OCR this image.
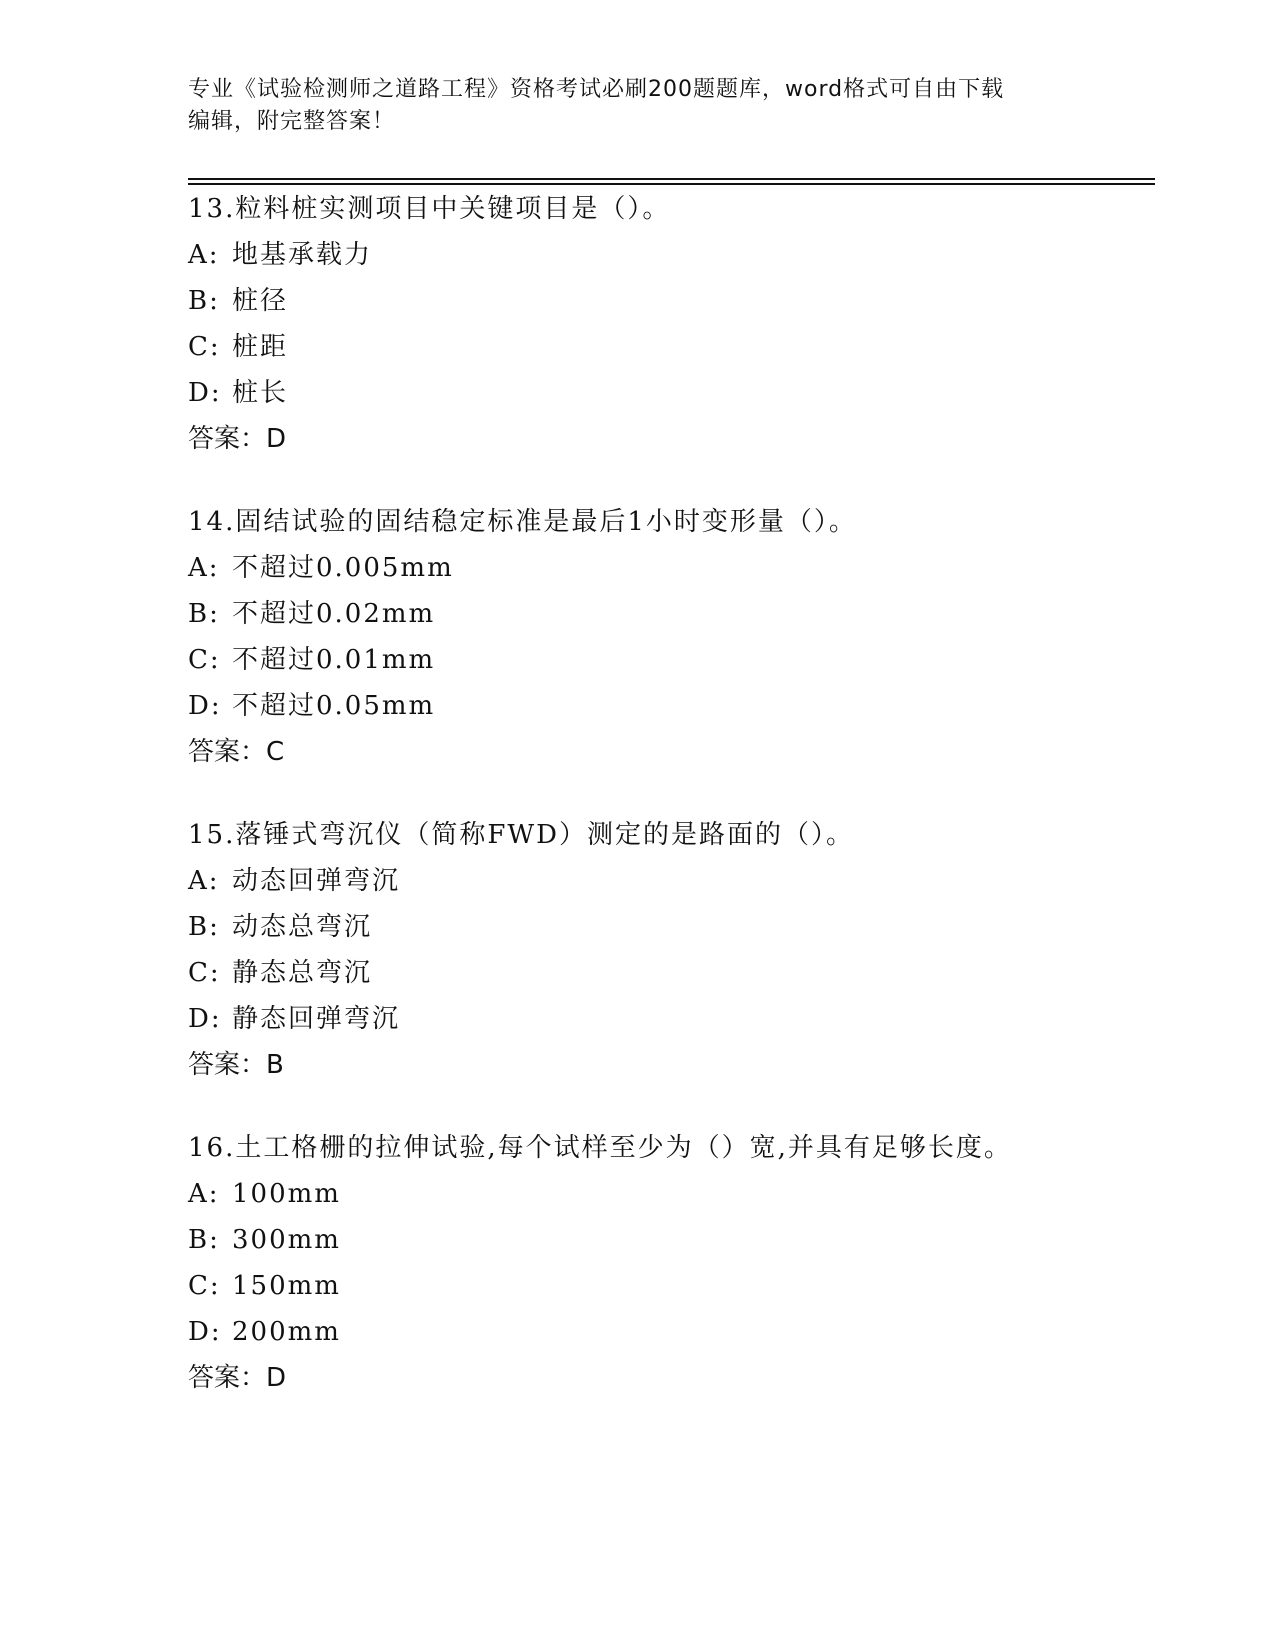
专业《试验检测师之道路工程》资格考试必刷200题题库，word格式可自由下载
编辑，附完整答案！
13.粒料桩实测项目中关键项目是（）。
A: 地基承载力
B: 桩径
C: 桩距
D: 桩长
答案：D
14.固结试验的固结稳定标准是最后1小时变形量（）。
A: 不超过0.005mm
B: 不超过0.02mm
C: 不超过0.01mm
D: 不超过0.05mm
答案：C
15.落锤式弯沉仪（简称FWD）测定的是路面的（）。
A: 动态回弹弯沉
B: 动态总弯沉
C: 静态总弯沉
D: 静态回弹弯沉
答案：B
16.土工格栅的拉伸试验,每个试样至少为（）宽,并具有足够长度。
A: 100mm
B: 300mm
C: 150mm
D: 200mm
答案：D
